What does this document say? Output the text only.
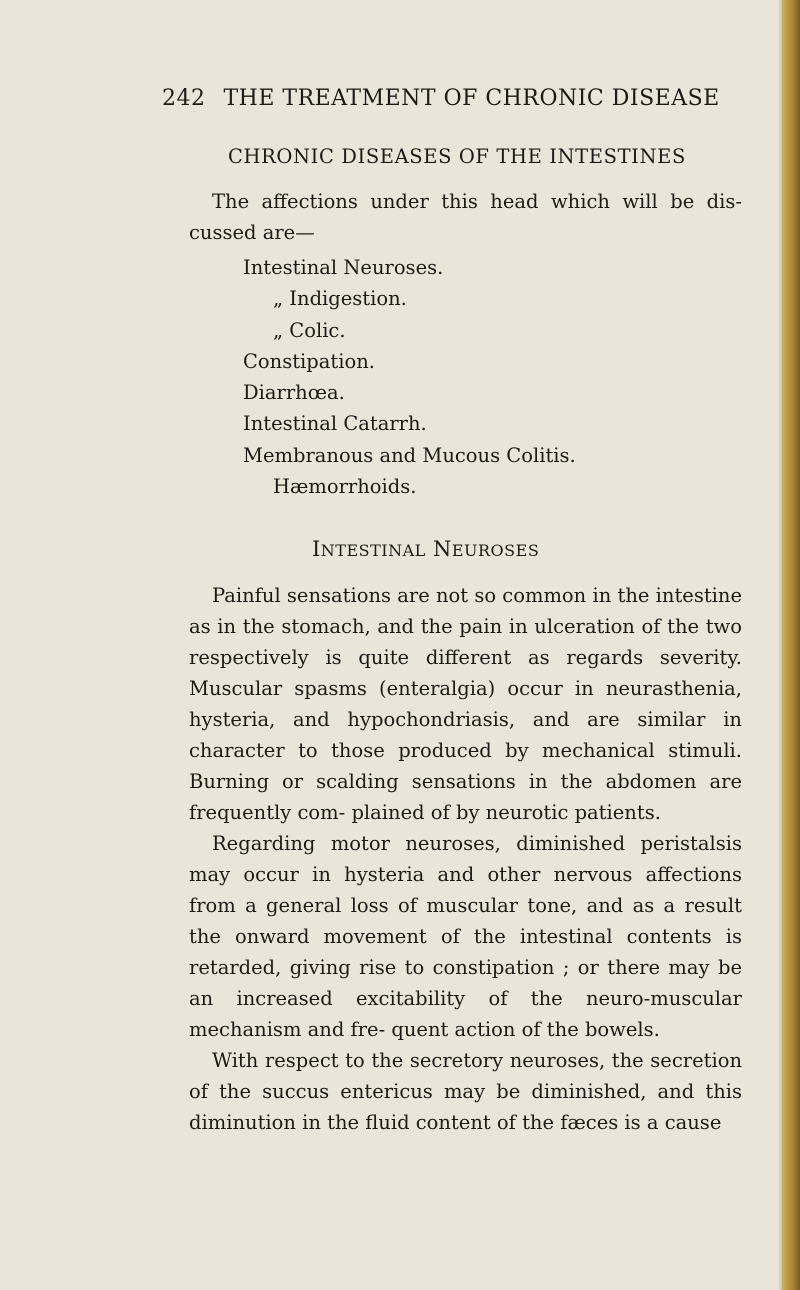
242 THE TREATMENT OF CHRONIC DISEASE
CHRONIC DISEASES OF THE INTESTINES
The affections under this head which will be dis- cussed are—
Intestinal Neuroses.
„ Indigestion.
„ Colic.
Constipation.
Diarrhœa.
Intestinal Catarrh.
Membranous and Mucous Colitis.
Hæmorrhoids.
INTESTINAL NEUROSES

Painful sensations are not so common in the intestine as in the stomach, and the pain in ulceration of the two respectively is quite different as regards severity. Muscular spasms (enteralgia) occur in neurasthenia, hysteria, and hypochondriasis, and are similar in character to those produced by mechanical stimuli. Burning or scalding sensations in the abdomen are frequently com- plained of by neurotic patients.

Regarding motor neuroses, diminished peristalsis may occur in hysteria and other nervous affections from a general loss of muscular tone, and as a result the onward movement of the intestinal contents is retarded, giving rise to constipation ; or there may be an increased excitability of the neuro-muscular mechanism and fre- quent action of the bowels.

With respect to the secretory neuroses, the secretion of the succus entericus may be diminished, and this diminution in the fluid content of the fæces is a cause
